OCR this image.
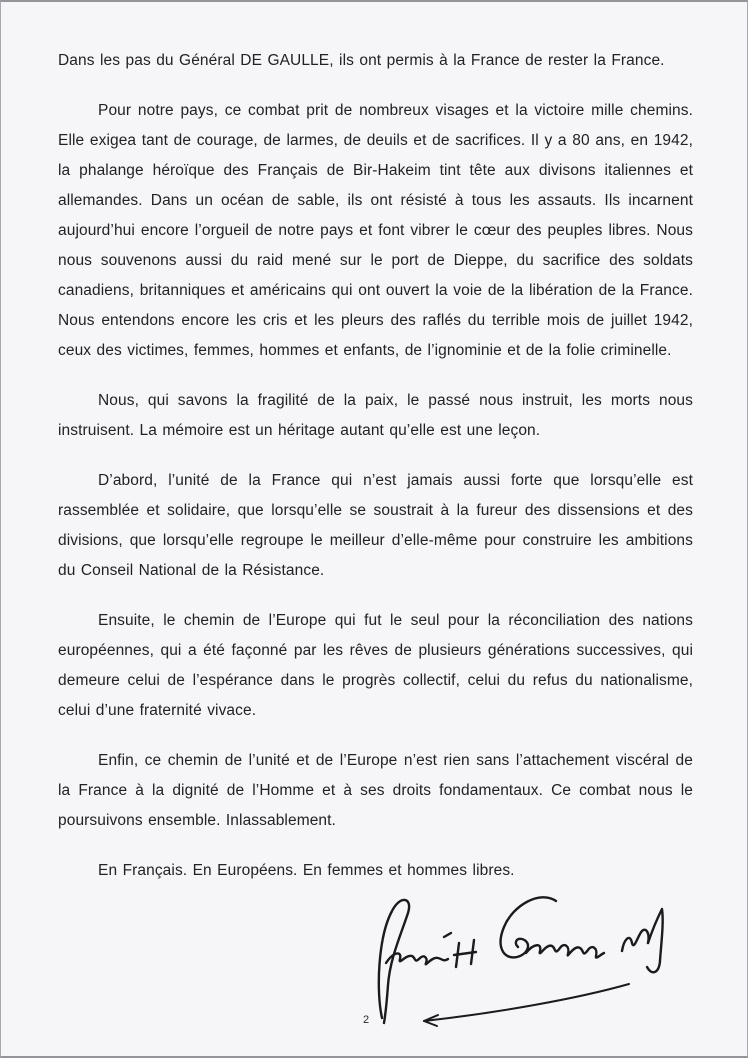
Dans les pas du Général DE GAULLE, ils ont permis à la France de rester la France.

Pour notre pays, ce combat prit de nombreux visages et la victoire mille chemins. Elle exigea tant de courage, de larmes, de deuils et de sacrifices. Il y a 80 ans, en 1942, la phalange héroïque des Français de Bir-Hakeim tint tête aux divisons italiennes et allemandes. Dans un océan de sable, ils ont résisté à tous les assauts. Ils incarnent aujourd’hui encore l’orgueil de notre pays et font vibrer le cœur des peuples libres. Nous nous souvenons aussi du raid mené sur le port de Dieppe, du sacrifice des soldats canadiens, britanniques et américains qui ont ouvert la voie de la libération de la France. Nous entendons encore les cris et les pleurs des raflés du terrible mois de juillet 1942, ceux des victimes, femmes, hommes et enfants, de l’ignominie et de la folie criminelle.

Nous, qui savons la fragilité de la paix, le passé nous instruit, les morts nous instruisent. La mémoire est un héritage autant qu’elle est une leçon.

D’abord, l’unité de la France qui n’est jamais aussi forte que lorsqu’elle est rassemblée et solidaire, que lorsqu’elle se soustrait à la fureur des dissensions et des divisions, que lorsqu’elle regroupe le meilleur d’elle-même pour construire les ambitions du Conseil National de la Résistance.

Ensuite, le chemin de l’Europe qui fut le seul pour la réconciliation des nations européennes, qui a été façonné par les rêves de plusieurs générations successives, qui demeure celui de l’espérance dans le progrès collectif, celui du refus du nationalisme, celui d’une fraternité vivace.

Enfin, ce chemin de l’unité et de l’Europe n’est rien sans l’attachement viscéral de la France à la dignité de l’Homme et à ses droits fondamentaux. Ce combat nous le poursuivons ensemble. Inlassablement.

En Français. En Européens. En femmes et hommes libres.

2
